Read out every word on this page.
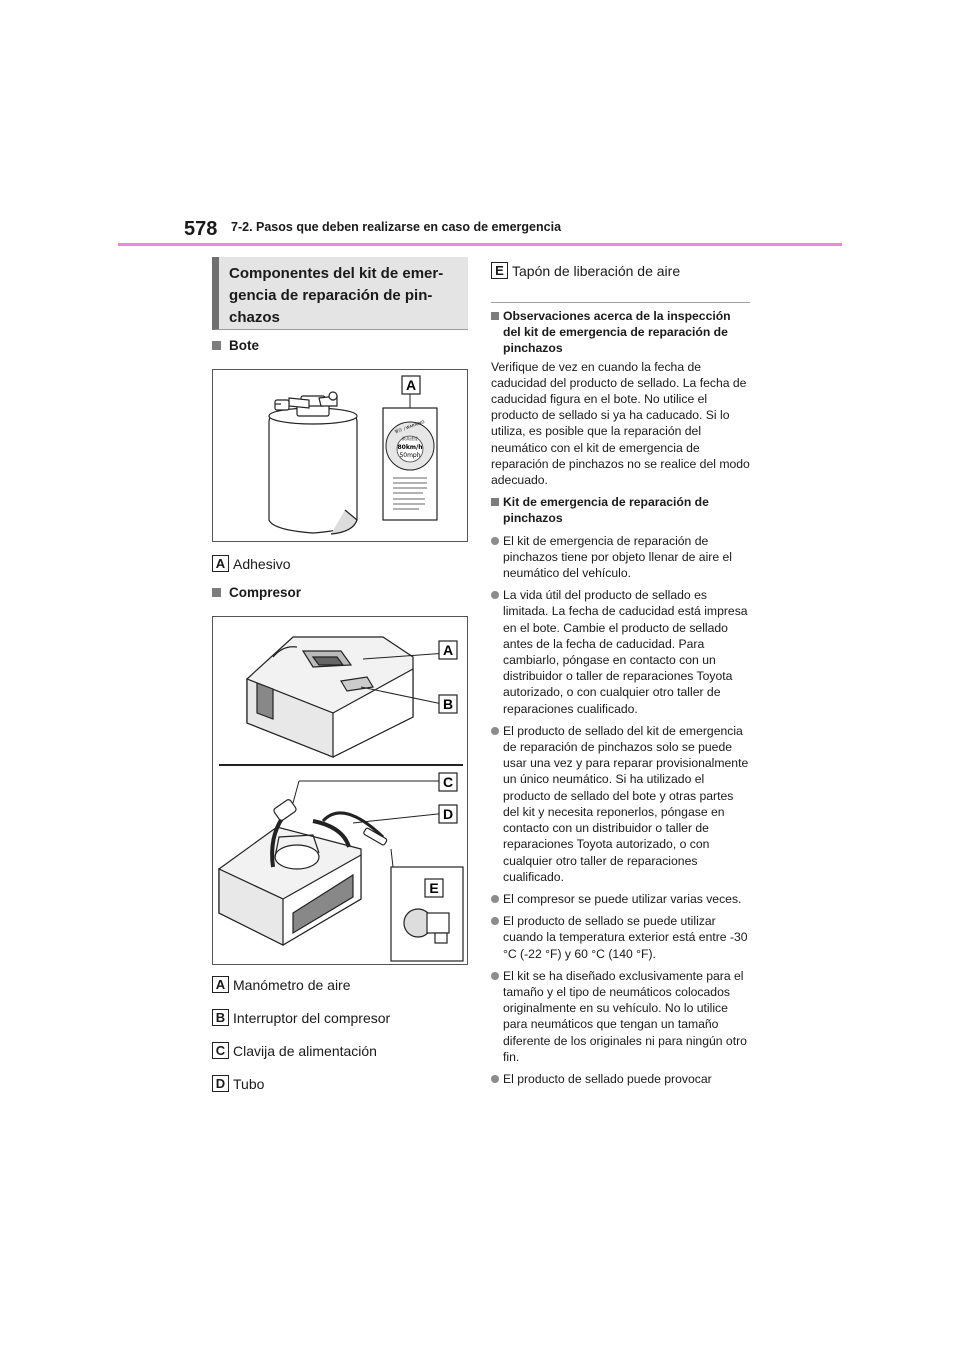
578 7-2. Pasos que deben realizarse en caso de emergencia
Componentes del kit de emer-
gencia de reparación de pin-
chazos
Bote
80km/h
50mph
最高速度
警告 / WARNING
A
A Adhesivo
Compresor
A
B
C
D
E
A Manómetro de aire
B Interruptor del compresor
C Clavija de alimentación
D Tubo
E Tapón de liberación de aire
Observaciones acerca de la inspección del kit de emergencia de reparación de pinchazos
Verifique de vez en cuando la fecha de caducidad del producto de sellado. La fecha de caducidad figura en el bote. No utilice el producto de sellado si ya ha caducado. Si lo utiliza, es posible que la reparación del neumático con el kit de emergencia de reparación de pinchazos no se realice del modo adecuado.
Kit de emergencia de reparación de pinchazos
El kit de emergencia de reparación de pinchazos tiene por objeto llenar de aire el neumático del vehículo.
La vida útil del producto de sellado es limitada. La fecha de caducidad está impresa en el bote. Cambie el producto de sellado antes de la fecha de caducidad. Para cambiarlo, póngase en contacto con un distribuidor o taller de reparaciones Toyota autorizado, o con cualquier otro taller de reparaciones cualificado.
El producto de sellado del kit de emergencia de reparación de pinchazos solo se puede usar una vez y para reparar provisionalmente un único neumático. Si ha utilizado el producto de sellado del bote y otras partes del kit y necesita reponerlos, póngase en contacto con un distribuidor o taller de reparaciones Toyota autorizado, o con cualquier otro taller de reparaciones cualificado.
El compresor se puede utilizar varias veces.
El producto de sellado se puede utilizar cuando la temperatura exterior está entre -30 °C (-22 °F) y 60 °C (140 °F).
El kit se ha diseñado exclusivamente para el tamaño y el tipo de neumáticos colocados originalmente en su vehículo. No lo utilice para neumáticos que tengan un tamaño diferente de los originales ni para ningún otro fin.
El producto de sellado puede provocar
